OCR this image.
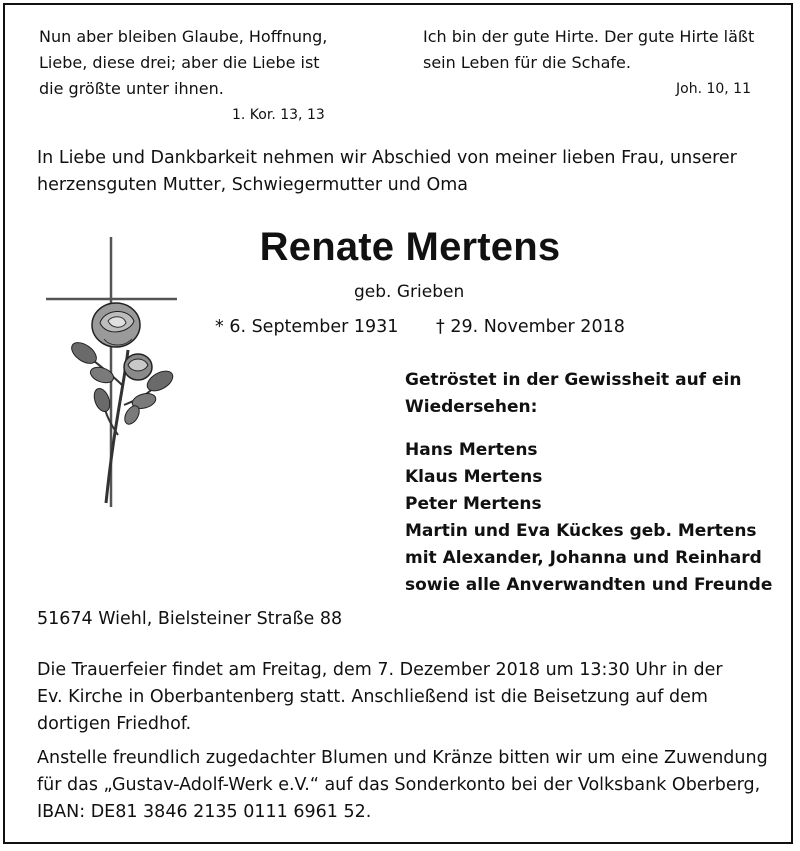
Nun aber bleiben Glaube, Hoffnung,
Liebe, diese drei; aber die Liebe ist
die größte unter ihnen.

1. Kor. 13, 13

Ich bin der gute Hirte. Der gute Hirte läßt
sein Leben für die Schafe.

Joh. 10, 11

In Liebe und Dankbarkeit nehmen wir Abschied von meiner lieben Frau, unserer
herzensguten Mutter, Schwiegermutter und Oma

Renate Mertens

geb. Grieben

* 6. September 1931 † 29. November 2018

Getröstet in der Gewissheit auf ein
Wiedersehen:

Hans Mertens
Klaus Mertens
Peter Mertens
Martin und Eva Kückes geb. Mertens
mit Alexander, Johanna und Reinhard
sowie alle Anverwandten und Freunde

51674 Wiehl, Bielsteiner Straße 88

Die Trauerfeier findet am Freitag, dem 7. Dezember 2018 um 13:30 Uhr in der
Ev. Kirche in Oberbantenberg statt. Anschließend ist die Beisetzung auf dem
dortigen Friedhof.

Anstelle freundlich zugedachter Blumen und Kränze bitten wir um eine Zuwendung
für das „Gustav-Adolf-Werk e.V.“ auf das Sonderkonto bei der Volksbank Oberberg,
IBAN: DE81 3846 2135 0111 6961 52.
